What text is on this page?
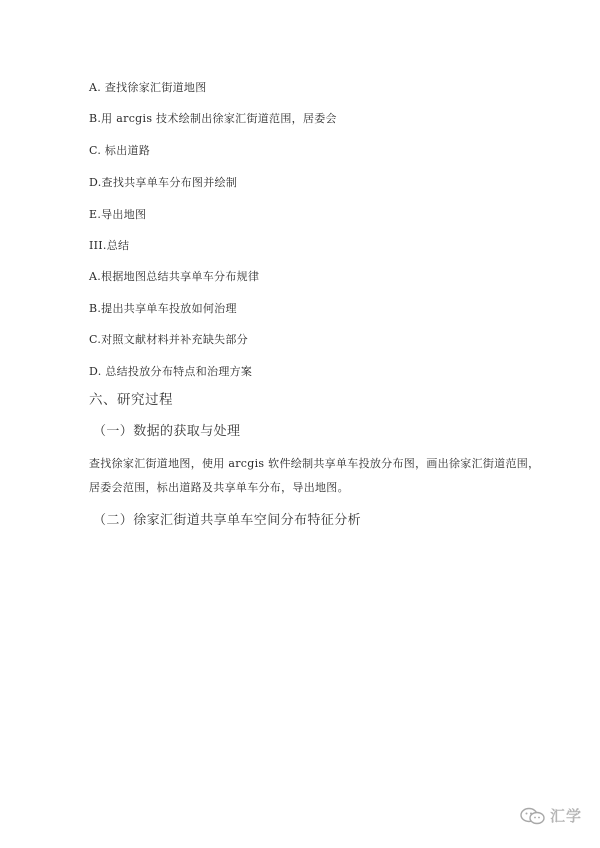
A. 查找徐家汇街道地图
B.用 arcgis 技术绘制出徐家汇街道范围，居委会
C. 标出道路
D.查找共享单车分布图并绘制
E.导出地图
III.总结
A.根据地图总结共享单车分布规律
B.提出共享单车投放如何治理
C.对照文献材料并补充缺失部分
D. 总结投放分布特点和治理方案
六、研究过程
（一）数据的获取与处理
查找徐家汇街道地图，使用 arcgis 软件绘制共享单车投放分布图，画出徐家汇街道范围，
居委会范围，标出道路及共享单车分布，导出地图。
（二）徐家汇街道共享单车空间分布特征分析
汇学
